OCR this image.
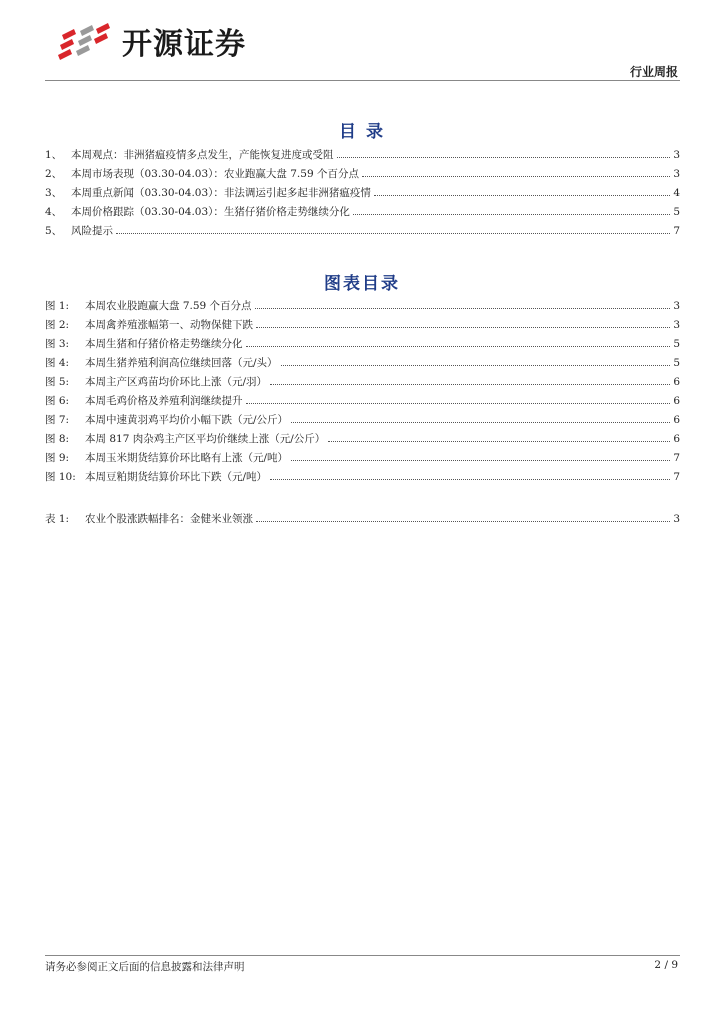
开源证券
行业周报
目 录
1、 本周观点：非洲猪瘟疫情多点发生，产能恢复进度或受阻	3
2、 本周市场表现（03.30-04.03）：农业跑赢大盘 7.59 个百分点	3
3、 本周重点新闻（03.30-04.03）：非法调运引起多起非洲猪瘟疫情	4
4、 本周价格跟踪（03.30-04.03）：生猪仔猪价格走势继续分化	5
5、 风险提示	7
图表目录
图 1:	本周农业股跑赢大盘 7.59 个百分点	3
图 2:	本周禽养殖涨幅第一、动物保健下跌	3
图 3:	本周生猪和仔猪价格走势继续分化	5
图 4:	本周生猪养殖利润高位继续回落（元/头）	5
图 5:	本周主产区鸡苗均价环比上涨（元/羽）	6
图 6:	本周毛鸡价格及养殖利润继续提升	6
图 7:	本周中速黄羽鸡平均价小幅下跌（元/公斤）	6
图 8:	本周 817 肉杂鸡主产区平均价继续上涨（元/公斤）	6
图 9:	本周玉米期货结算价环比略有上涨（元/吨）	7
图 10: 本周豆粕期货结算价环比下跌（元/吨）	7
表 1:	农业个股涨跌幅排名：金健米业领涨	3
请务必参阅正文后面的信息披露和法律声明	2 / 9
